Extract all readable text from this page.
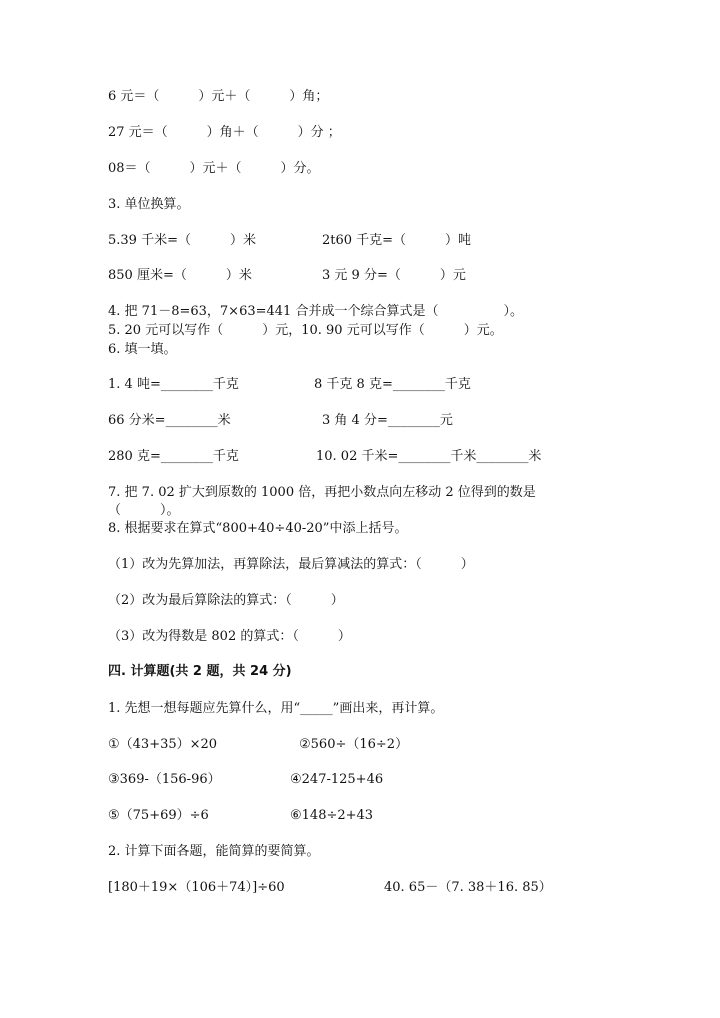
6 元＝（　　　）元＋（　　　）角；
27 元＝（　　　）角＋（　　　）分 ；
08＝（　　　）元＋（　　　）分。
3. 单位换算。
5.39 千米=（　　　）米	2t60 千克=（　　　）吨
850 厘米=（　　　）米	3 元 9 分=（　　　）元
4. 把 71－8=63，7×63=441 合并成一个综合算式是（　　　　　）。
5. 20 元可以写作（　　　）元，10. 90 元可以写作（　　　）元。
6. 填一填。
1. 4 吨=________千克	8 千克 8 克=________千克
66 分米=________米	3 角 4 分=________元
280 克=________千克	10. 02 千米=________千米________米
7. 把 7. 02 扩大到原数的 1000 倍，再把小数点向左移动 2 位得到的数是
（　　　）。
8. 根据要求在算式“800+40÷40-20”中添上括号。
（1）改为先算加法，再算除法，最后算减法的算式：（　　　）
（2）改为最后算除法的算式：（　　　）
（3）改为得数是 802 的算式：（　　　）
四. 计算题(共 2 题，共 24 分)
1. 先想一想每题应先算什么，用“_____”画出来，再计算。
①（43+35）×20	②560÷（16÷2）
③369-（156-96）	④247-125+46
⑤（75+69）÷6	⑥148÷2+43
2. 计算下面各题，能简算的要简算。
[180＋19×（106＋74）]÷60	40. 65－（7. 38＋16. 85）
